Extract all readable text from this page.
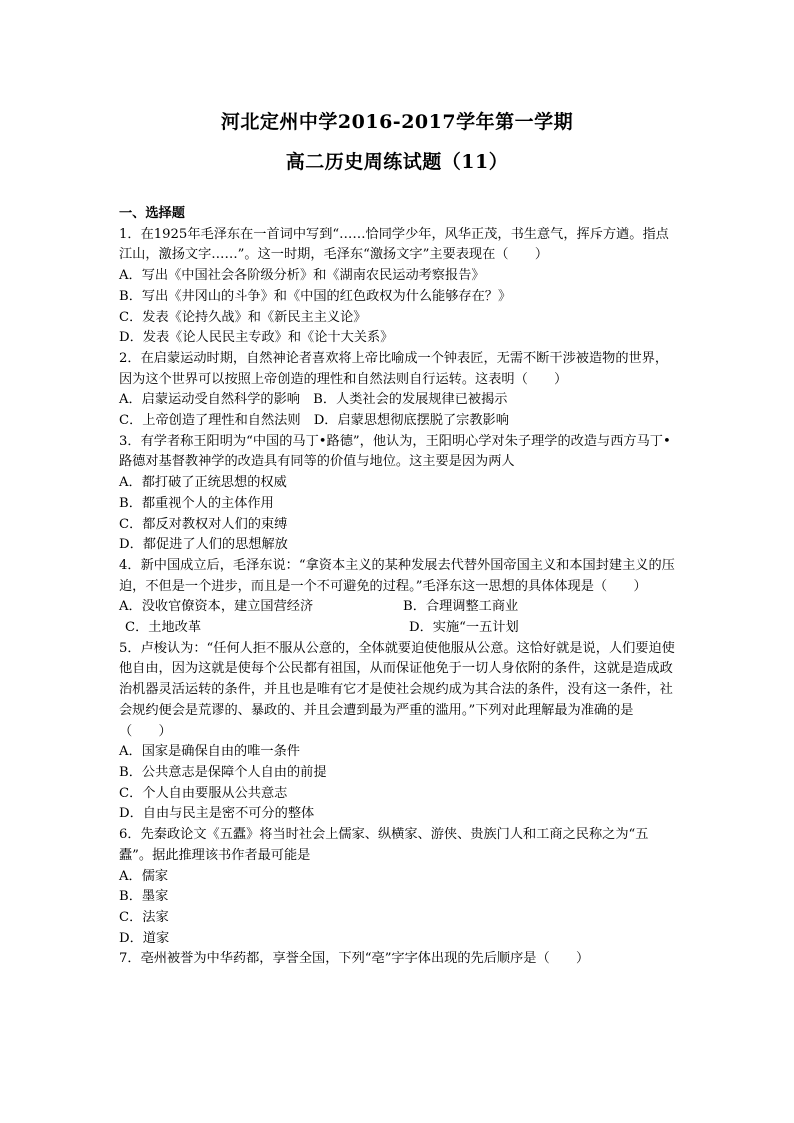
河北定州中学2016-2017学年第一学期
高二历史周练试题（11）

一、选择题

1．在1925年毛泽东在一首词中写到“……恰同学少年，风华正茂，书生意气，挥斥方遒。指点江山，激扬文字……”。这一时期，毛泽东“激扬文字”主要表现在（　　）

A．写出《中国社会各阶级分析》和《湖南农民运动考察报告》

B．写出《井冈山的斗争》和《中国的红色政权为什么能够存在？》

C．发表《论持久战》和《新民主主义论》

D．发表《论人民民主专政》和《论十大关系》

2．在启蒙运动时期，自然神论者喜欢将上帝比喻成一个钟表匠，无需不断干涉被造物的世界，因为这个世界可以按照上帝创造的理性和自然法则自行运转。这表明（　　）

A．启蒙运动受自然科学的影响　B．人类社会的发展规律已被揭示

C．上帝创造了理性和自然法则　D．启蒙思想彻底摆脱了宗教影响

3．有学者称王阳明为“中国的马丁•路德”，他认为，王阳明心学对朱子理学的改造与西方马丁•路德对基督教神学的改造具有同等的价值与地位。这主要是因为两人

A．都打破了正统思想的权威

B．都重视个人的主体作用

C．都反对教权对人们的束缚

D．都促进了人们的思想解放

4．新中国成立后，毛泽东说：“拿资本主义的某种发展去代替外国帝国主义和本国封建主义的压迫，不但是一个进步，而且是一个不可避免的过程。”毛泽东这一思想的具体体现是（　　）

A．没收官僚资本，建立国营经济	B．合理调整工商业
C．土地改革	D．实施“一五计划

5．卢梭认为：“任何人拒不服从公意的，全体就要迫使他服从公意。这恰好就是说，人们要迫使他自由，因为这就是使每个公民都有祖国，从而保证他免于一切人身依附的条件，这就是造成政治机器灵活运转的条件，并且也是唯有它才是使社会规约成为其合法的条件，没有这一条件，社会规约便会是荒谬的、暴政的、并且会遭到最为严重的滥用。”下列对此理解最为准确的是（　　）

A．国家是确保自由的唯一条件

B．公共意志是保障个人自由的前提

C．个人自由要服从公共意志

D．自由与民主是密不可分的整体

6．先秦政论文《五蠹》将当时社会上儒家、纵横家、游侠、贵族门人和工商之民称之为“五蠹”。据此推理该书作者最可能是

A．儒家

B．墨家

C．法家

D．道家

7．亳州被誉为中华药都，享誉全国，下列“亳”字字体出现的先后顺序是（　　）
